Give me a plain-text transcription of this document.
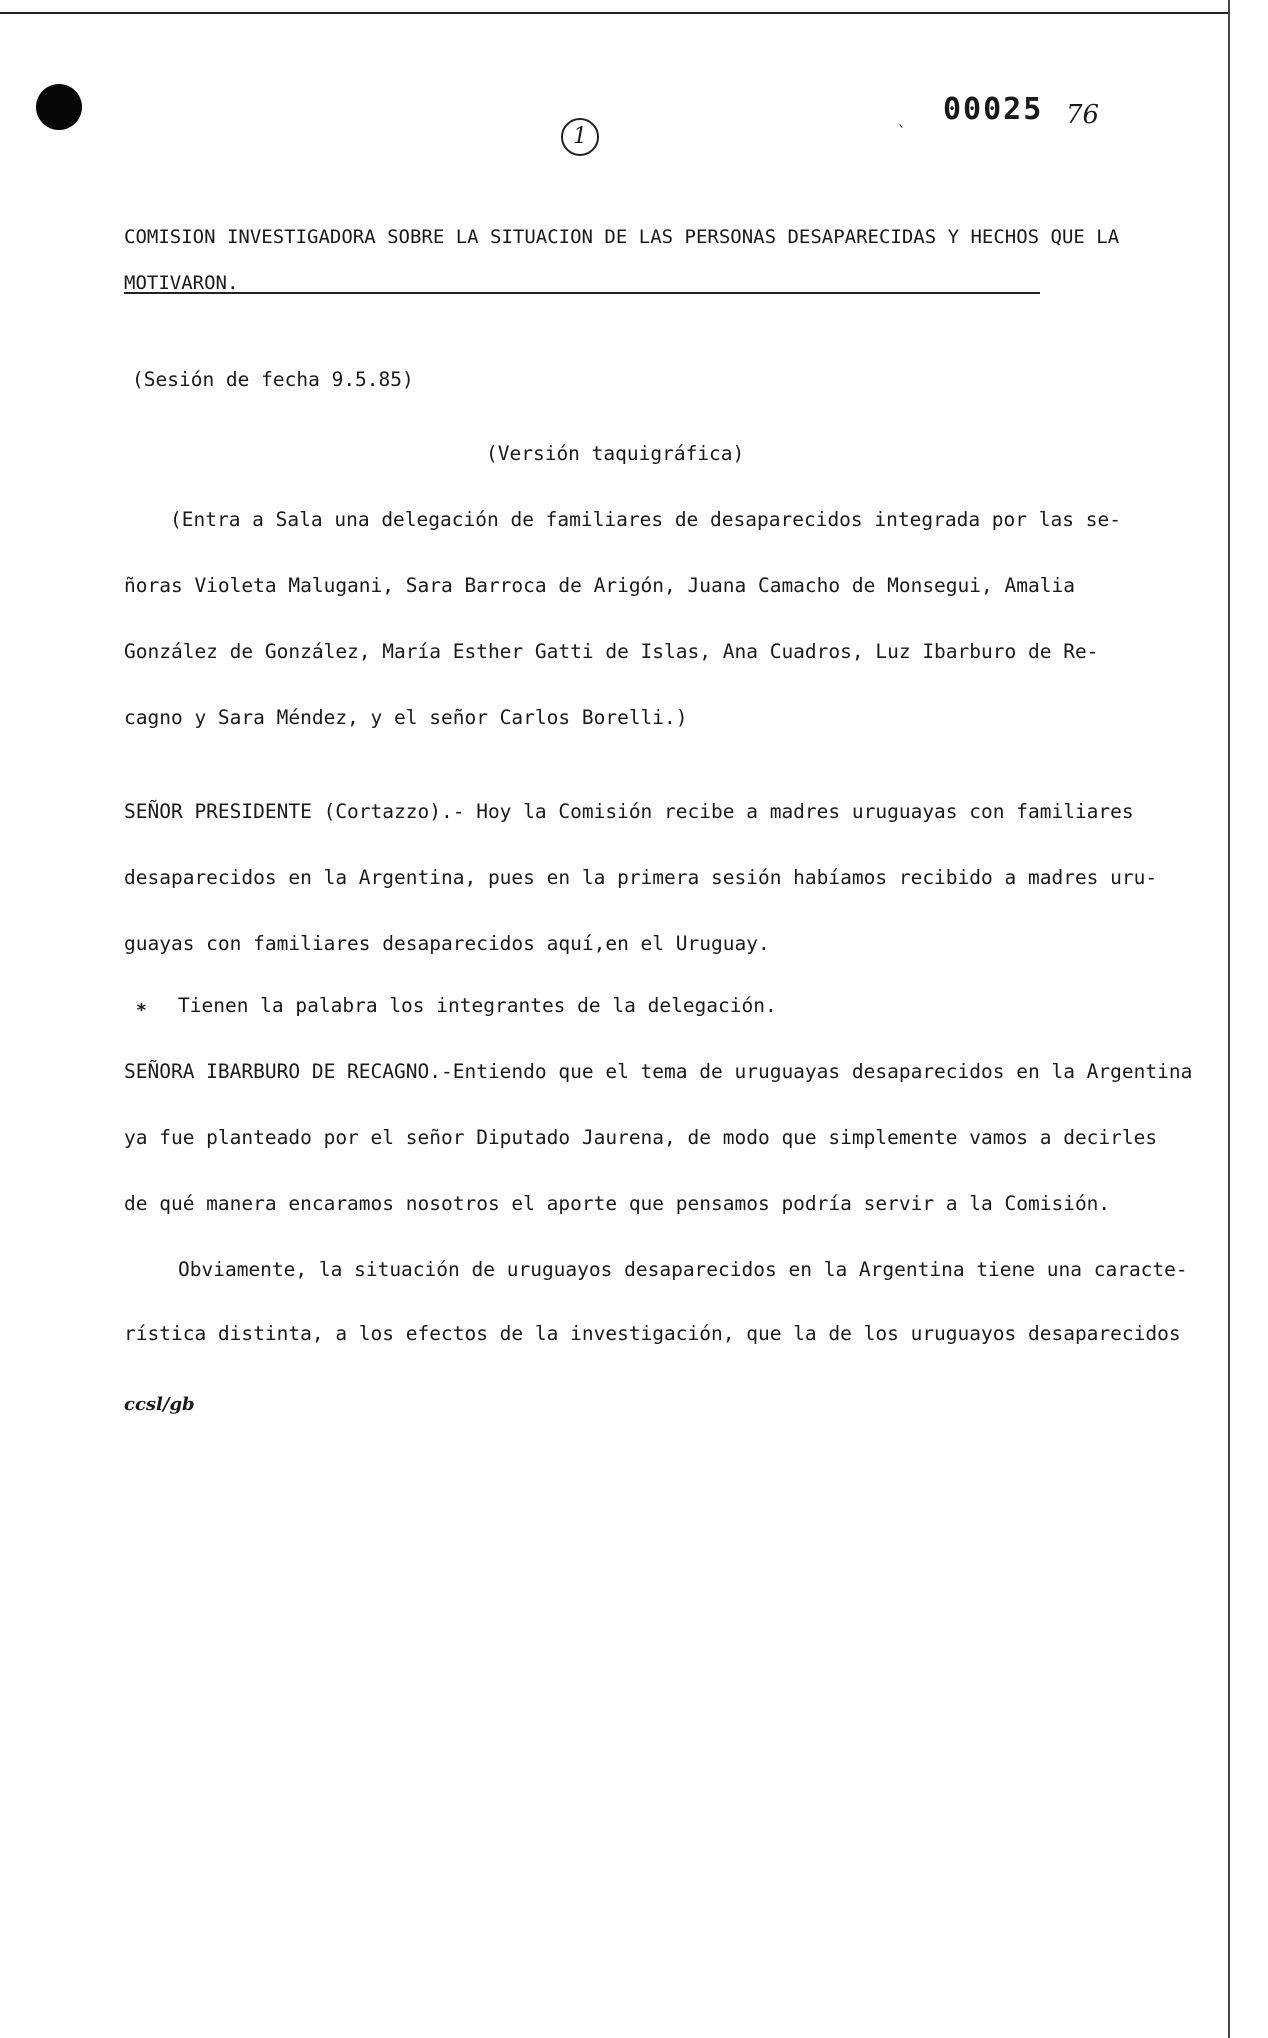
1
ˎ 00025 76
COMISION INVESTIGADORA SOBRE LA SITUACION DE LAS PERSONAS DESAPARECIDAS Y HECHOS QUE LA MOTIVARON.
(Sesión de fecha 9.5.85)
(Versión taquigráfica)
(Entra a Sala una delegación de familiares de desaparecidos integrada por las se-
ñoras Violeta Malugani, Sara Barroca de Arigón, Juana Camacho de Monsegui, Amalia
González de González, María Esther Gatti de Islas, Ana Cuadros, Luz Ibarburo de Re-
cagno y Sara Méndez, y el señor Carlos Borelli.)
SEÑOR PRESIDENTE (Cortazzo).- Hoy la Comisión recibe a madres uruguayas con familiares
desaparecidos en la Argentina, pues en la primera sesión habíamos recibido a madres uru-
guayas con familiares desaparecidos aquí,en el Uruguay.
* Tienen la palabra los integrantes de la delegación.
SEÑORA IBARBURO DE RECAGNO.-Entiendo que el tema de uruguayas desaparecidos en la Argentina
ya fue planteado por el señor Diputado Jaurena, de modo que simplemente vamos a decirles
de qué manera encaramos nosotros el aporte que pensamos podría servir a la Comisión.
Obviamente, la situación de uruguayos desaparecidos en la Argentina tiene una caracte-
rística distinta, a los efectos de la investigación, que la de los uruguayos desaparecidos
ccsl/gb
